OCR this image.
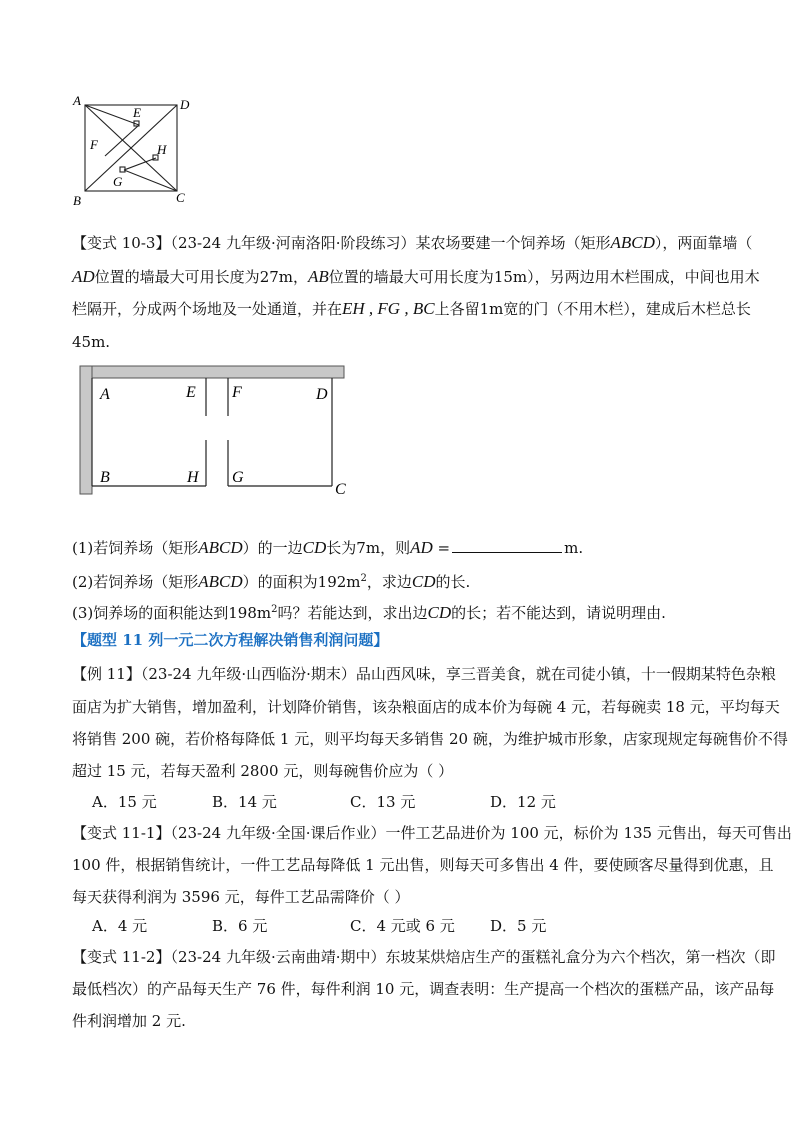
A	D
E
F	H
G
B	C
【变式 10-3】（23-24 九年级·河南洛阳·阶段练习）某农场要建一个饲养场（矩形ABCD），两面靠墙（
AD位置的墙最大可用长度为27m，AB位置的墙最大可用长度为15m），另两边用木栏围成，中间也用木
栏隔开，分成两个场地及一处通道，并在EH , FG , BC上各留1m宽的门（不用木栏），建成后木栏总长
45m.
A	E F	D
B	H G
C
(1)若饲养场（矩形ABCD）的一边CD长为7m，则AD =	m.
(2)若饲养场（矩形ABCD）的面积为$192m^2$，求边CD的长.
(3)饲养场的面积能达到$198m^2$吗？若能达到，求出边CD的长；若不能达到，请说明理由.
【题型 11 列一元二次方程解决销售利润问题】
【例 11】（23-24 九年级·山西临汾·期末）品山西风味，享三晋美食，就在司徒小镇，十一假期某特色杂粮
面店为扩大销售，增加盈利，计划降价销售，该杂粮面店的成本价为每碗 4 元，若每碗卖 18 元，平均每天
将销售 200 碗，若价格每降低 1 元，则平均每天多销售 20 碗，为维护城市形象，店家现规定每碗售价不得
超过 15 元，若每天盈利 2800 元，则每碗售价应为（ ）
A．15 元	B．14 元	C．13 元	D．12 元
【变式 11-1】（23-24 九年级·全国·课后作业）一件工艺品进价为 100 元，标价为 135 元售出，每天可售出
100 件，根据销售统计，一件工艺品每降低 1 元出售，则每天可多售出 4 件，要使顾客尽量得到优惠，且
每天获得利润为 3596 元，每件工艺品需降价（ ）
A．4 元	B．6 元	C．4 元或 6 元 D．5 元
【变式 11-2】（23-24 九年级·云南曲靖·期中）东坡某烘焙店生产的蛋糕礼盒分为六个档次，第一档次（即
最低档次）的产品每天生产 76 件，每件利润 10 元，调查表明：生产提高一个档次的蛋糕产品，该产品每
件利润增加 2 元.
